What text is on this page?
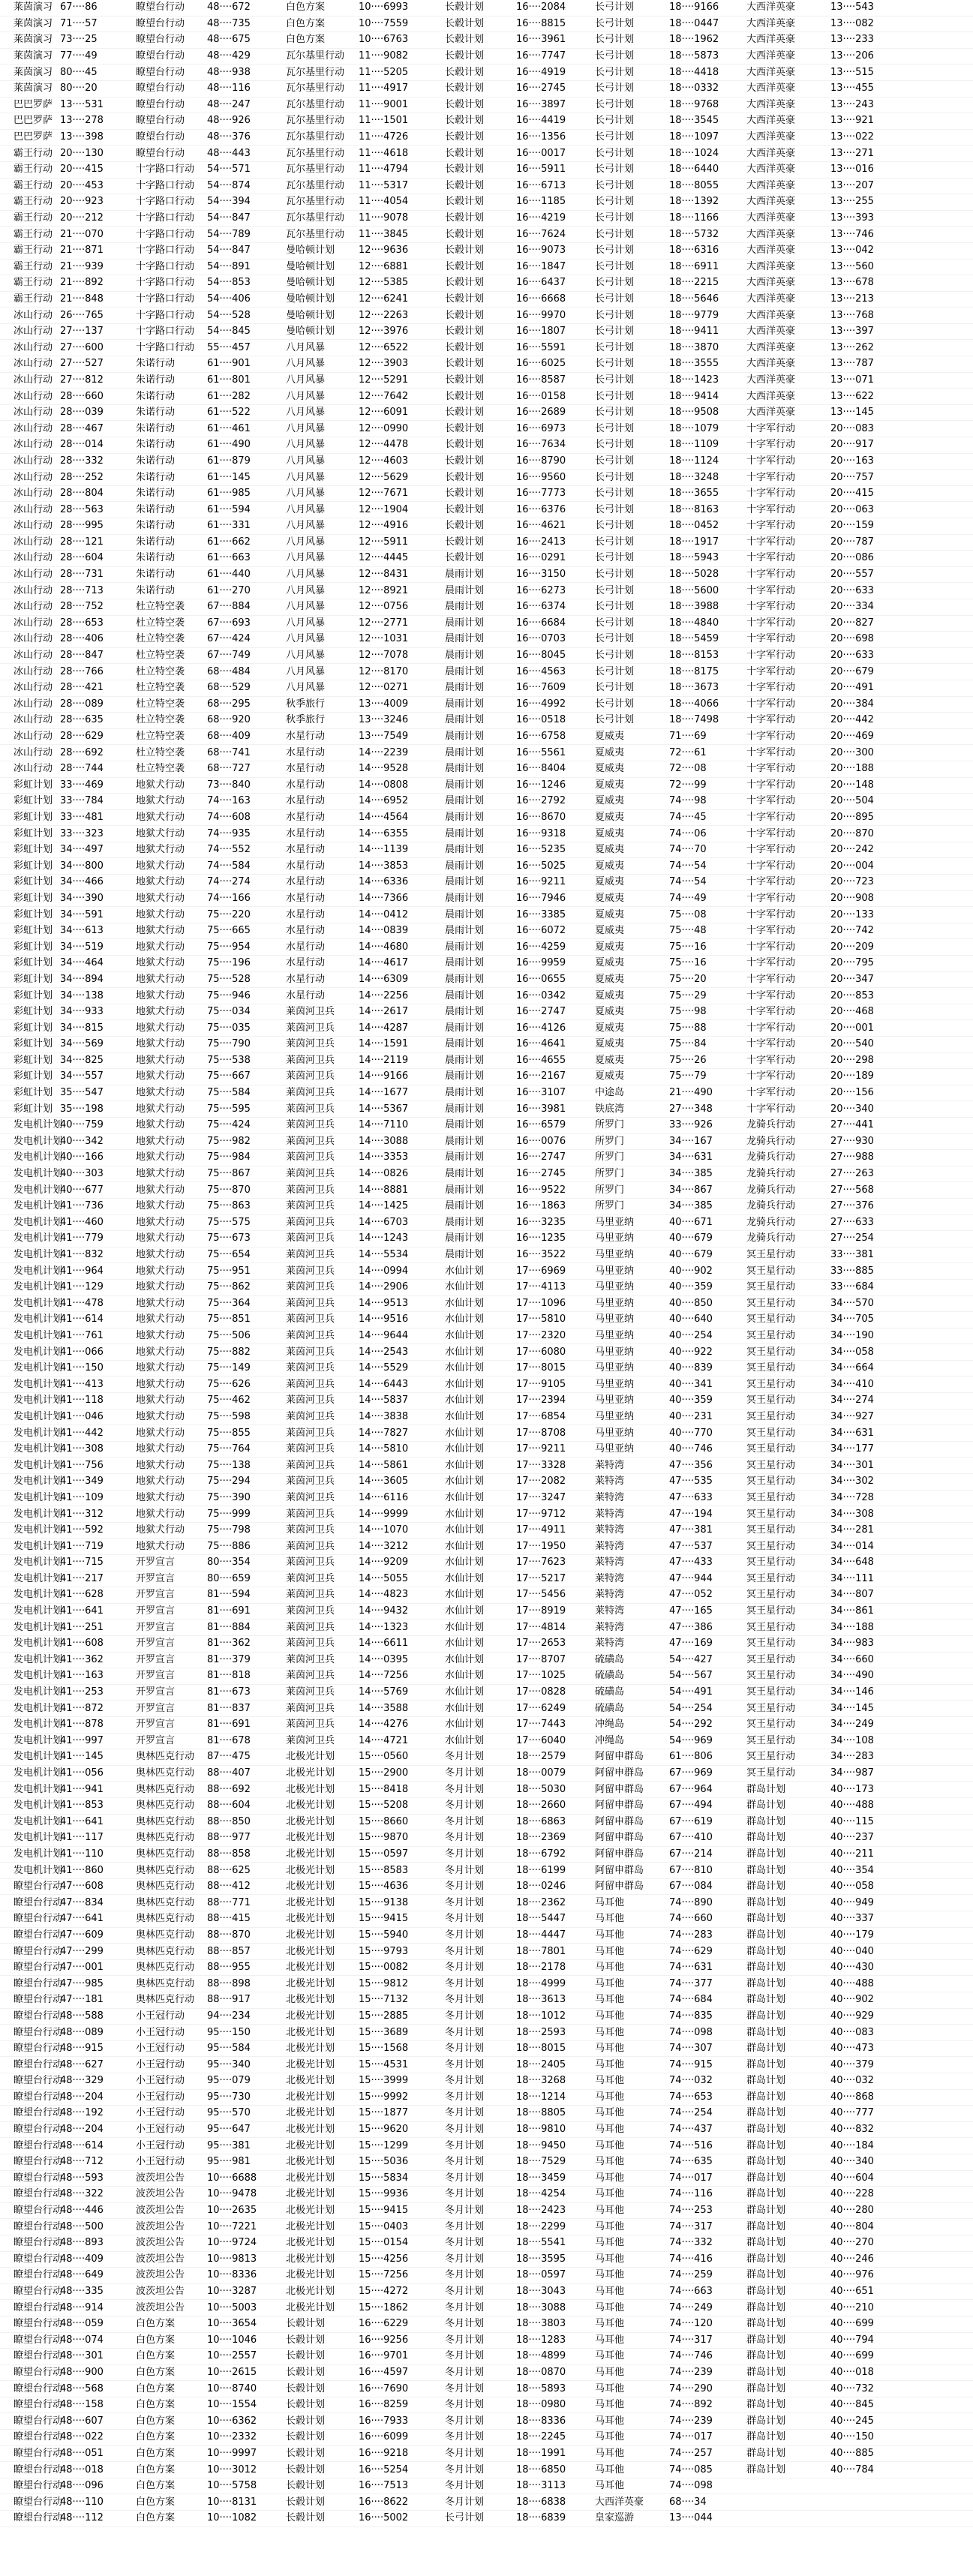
莱茵演习	67····86	瞭望台行动	48····672	白色方案	10····6993	长毂计划	16····2084	长弓计划	18····9166	大西洋英豪	13····543
莱茵演习	71····57	瞭望台行动	48····735	白色方案	10····7559	长毂计划	16····8815	长弓计划	18····0447	大西洋英豪	13····082
莱茵演习	73····25	瞭望台行动	48····675	白色方案	10····6763	长毂计划	16····3961	长弓计划	18····1962	大西洋英豪	13····233
莱茵演习	77····49	瞭望台行动	48····429	瓦尔基里行动	11····9082	长毂计划	16····7747	长弓计划	18····5873	大西洋英豪	13····206
莱茵演习	80····45	瞭望台行动	48····938	瓦尔基里行动	11····5205	长毂计划	16····4919	长弓计划	18····4418	大西洋英豪	13····515
莱茵演习	80····20	瞭望台行动	48····116	瓦尔基里行动	11····4917	长毂计划	16····2745	长弓计划	18····0332	大西洋英豪	13····455
巴巴罗萨	13····531	瞭望台行动	48····247	瓦尔基里行动	11····9001	长毂计划	16····3897	长弓计划	18····9768	大西洋英豪	13····243
巴巴罗萨	13····278	瞭望台行动	48····926	瓦尔基里行动	11····1501	长毂计划	16····4419	长弓计划	18····3545	大西洋英豪	13····921
巴巴罗萨	13····398	瞭望台行动	48····376	瓦尔基里行动	11····4726	长毂计划	16····1356	长弓计划	18····1097	大西洋英豪	13····022
霸王行动	20····130	瞭望台行动	48····443	瓦尔基里行动	11····4618	长毂计划	16····0017	长弓计划	18····1024	大西洋英豪	13····271
霸王行动	20····415	十字路口行动	54····571	瓦尔基里行动	11····4794	长毂计划	16····5911	长弓计划	18····6440	大西洋英豪	13····016
霸王行动	20····453	十字路口行动	54····874	瓦尔基里行动	11····5317	长毂计划	16····6713	长弓计划	18····8055	大西洋英豪	13····207
霸王行动	20····923	十字路口行动	54····394	瓦尔基里行动	11····4054	长毂计划	16····1185	长弓计划	18····1392	大西洋英豪	13····255
霸王行动	20····212	十字路口行动	54····847	瓦尔基里行动	11····9078	长毂计划	16····4219	长弓计划	18····1166	大西洋英豪	13····393
霸王行动	21····070	十字路口行动	54····789	瓦尔基里行动	11····3845	长毂计划	16····7624	长弓计划	18····5732	大西洋英豪	13····746
霸王行动	21····871	十字路口行动	54····847	曼哈顿计划	12····9636	长毂计划	16····9073	长弓计划	18····6316	大西洋英豪	13····042
霸王行动	21····939	十字路口行动	54····891	曼哈顿计划	12····6881	长毂计划	16····1847	长弓计划	18····6911	大西洋英豪	13····560
霸王行动	21····892	十字路口行动	54····853	曼哈顿计划	12····5385	长毂计划	16····6437	长弓计划	18····2215	大西洋英豪	13····678
霸王行动	21····848	十字路口行动	54····406	曼哈顿计划	12····6241	长毂计划	16····6668	长弓计划	18····5646	大西洋英豪	13····213
冰山行动	26····765	十字路口行动	54····528	曼哈顿计划	12····2263	长毂计划	16····9970	长弓计划	18····9779	大西洋英豪	13····768
冰山行动	27····137	十字路口行动	54····845	曼哈顿计划	12····3976	长毂计划	16····1807	长弓计划	18····9411	大西洋英豪	13····397
冰山行动	27····600	十字路口行动	55····457	八月风暴	12····6522	长毂计划	16····5591	长弓计划	18····3870	大西洋英豪	13····262
冰山行动	27····527	朱诺行动	61····901	八月风暴	12····3903	长毂计划	16····6025	长弓计划	18····3555	大西洋英豪	13····787
冰山行动	27····812	朱诺行动	61····801	八月风暴	12····5291	长毂计划	16····8587	长弓计划	18····1423	大西洋英豪	13····071
冰山行动	28····660	朱诺行动	61····282	八月风暴	12····7642	长毂计划	16····0158	长弓计划	18····9414	大西洋英豪	13····622
冰山行动	28····039	朱诺行动	61····522	八月风暴	12····6091	长毂计划	16····2689	长弓计划	18····9508	大西洋英豪	13····145
冰山行动	28····467	朱诺行动	61····461	八月风暴	12····0990	长毂计划	16····6973	长弓计划	18····1079	十字军行动	20····083
冰山行动	28····014	朱诺行动	61····490	八月风暴	12····4478	长毂计划	16····7634	长弓计划	18····1109	十字军行动	20····917
冰山行动	28····332	朱诺行动	61····879	八月风暴	12····4603	长毂计划	16····8790	长弓计划	18····1124	十字军行动	20····163
冰山行动	28····252	朱诺行动	61····145	八月风暴	12····5629	长毂计划	16····9560	长弓计划	18····3248	十字军行动	20····757
冰山行动	28····804	朱诺行动	61····985	八月风暴	12····7671	长毂计划	16····7773	长弓计划	18····3655	十字军行动	20····415
冰山行动	28····563	朱诺行动	61····594	八月风暴	12····1904	长毂计划	16····6376	长弓计划	18····8163	十字军行动	20····063
冰山行动	28····995	朱诺行动	61····331	八月风暴	12····4916	长毂计划	16····4621	长弓计划	18····0452	十字军行动	20····159
冰山行动	28····121	朱诺行动	61····662	八月风暴	12····5911	长毂计划	16····2413	长弓计划	18····1917	十字军行动	20····787
冰山行动	28····604	朱诺行动	61····663	八月风暴	12····4445	长毂计划	16····0291	长弓计划	18····5943	十字军行动	20····086
冰山行动	28····731	朱诺行动	61····440	八月风暴	12····8431	晨雨计划	16····3150	长弓计划	18····5028	十字军行动	20····557
冰山行动	28····713	朱诺行动	61····270	八月风暴	12····8921	晨雨计划	16····6273	长弓计划	18····5600	十字军行动	20····633
冰山行动	28····752	杜立特空袭	67····884	八月风暴	12····0756	晨雨计划	16····6374	长弓计划	18····3988	十字军行动	20····334
冰山行动	28····653	杜立特空袭	67····693	八月风暴	12····2771	晨雨计划	16····6684	长弓计划	18····4840	十字军行动	20····827
冰山行动	28····406	杜立特空袭	67····424	八月风暴	12····1031	晨雨计划	16····0703	长弓计划	18····5459	十字军行动	20····698
冰山行动	28····847	杜立特空袭	67····749	八月风暴	12····7078	晨雨计划	16····8045	长弓计划	18····8153	十字军行动	20····633
冰山行动	28····766	杜立特空袭	68····484	八月风暴	12····8170	晨雨计划	16····4563	长弓计划	18····8175	十字军行动	20····679
冰山行动	28····421	杜立特空袭	68····529	八月风暴	12····0271	晨雨计划	16····7609	长弓计划	18····3673	十字军行动	20····491
冰山行动	28····089	杜立特空袭	68····295	秋季旅行	13····4009	晨雨计划	16····4992	长弓计划	18····4066	十字军行动	20····384
冰山行动	28····635	杜立特空袭	68····920	秋季旅行	13····3246	晨雨计划	16····0518	长弓计划	18····7498	十字军行动	20····442
冰山行动	28····629	杜立特空袭	68····409	水星行动	13····7549	晨雨计划	16····6758	夏威夷	71····69	十字军行动	20····469
冰山行动	28····692	杜立特空袭	68····741	水星行动	14····2239	晨雨计划	16····5561	夏威夷	72····61	十字军行动	20····300
冰山行动	28····744	杜立特空袭	68····727	水星行动	14····9528	晨雨计划	16····8404	夏威夷	72····08	十字军行动	20····188
彩虹计划	33····469	地狱犬行动	73····840	水星行动	14····0808	晨雨计划	16····1246	夏威夷	72····99	十字军行动	20····148
彩虹计划	33····784	地狱犬行动	74····163	水星行动	14····6952	晨雨计划	16····2792	夏威夷	74····98	十字军行动	20····504
彩虹计划	33····481	地狱犬行动	74····608	水星行动	14····4564	晨雨计划	16····8670	夏威夷	74····45	十字军行动	20····895
彩虹计划	33····323	地狱犬行动	74····935	水星行动	14····6355	晨雨计划	16····9318	夏威夷	74····06	十字军行动	20····870
彩虹计划	34····497	地狱犬行动	74····552	水星行动	14····1139	晨雨计划	16····5235	夏威夷	74····70	十字军行动	20····242
彩虹计划	34····800	地狱犬行动	74····584	水星行动	14····3853	晨雨计划	16····5025	夏威夷	74····54	十字军行动	20····004
彩虹计划	34····466	地狱犬行动	74····274	水星行动	14····6336	晨雨计划	16····9211	夏威夷	74····54	十字军行动	20····723
彩虹计划	34····390	地狱犬行动	74····166	水星行动	14····7366	晨雨计划	16····7946	夏威夷	74····49	十字军行动	20····908
彩虹计划	34····591	地狱犬行动	75····220	水星行动	14····0412	晨雨计划	16····3385	夏威夷	75····08	十字军行动	20····133
彩虹计划	34····613	地狱犬行动	75····665	水星行动	14····0839	晨雨计划	16····6072	夏威夷	75····48	十字军行动	20····742
彩虹计划	34····519	地狱犬行动	75····954	水星行动	14····4680	晨雨计划	16····4259	夏威夷	75····16	十字军行动	20····209
彩虹计划	34····464	地狱犬行动	75····196	水星行动	14····4617	晨雨计划	16····9959	夏威夷	75····16	十字军行动	20····795
彩虹计划	34····894	地狱犬行动	75····528	水星行动	14····6309	晨雨计划	16····0655	夏威夷	75····20	十字军行动	20····347
彩虹计划	34····138	地狱犬行动	75····946	水星行动	14····2256	晨雨计划	16····0342	夏威夷	75····29	十字军行动	20····853
彩虹计划	34····933	地狱犬行动	75····034	莱茵河卫兵	14····2617	晨雨计划	16····2747	夏威夷	75····98	十字军行动	20····468
彩虹计划	34····815	地狱犬行动	75····035	莱茵河卫兵	14····4287	晨雨计划	16····4126	夏威夷	75····88	十字军行动	20····001
彩虹计划	34····569	地狱犬行动	75····790	莱茵河卫兵	14····1591	晨雨计划	16····4641	夏威夷	75····84	十字军行动	20····540
彩虹计划	34····825	地狱犬行动	75····538	莱茵河卫兵	14····2119	晨雨计划	16····4655	夏威夷	75····26	十字军行动	20····298
彩虹计划	34····557	地狱犬行动	75····667	莱茵河卫兵	14····9166	晨雨计划	16····2167	夏威夷	75····79	十字军行动	20····189
彩虹计划	35····547	地狱犬行动	75····584	莱茵河卫兵	14····1677	晨雨计划	16····3107	中途岛	21····490	十字军行动	20····156
彩虹计划	35····198	地狱犬行动	75····595	莱茵河卫兵	14····5367	晨雨计划	16····3981	铁底湾	27····348	十字军行动	20····340
发电机计划	40····759	地狱犬行动	75····424	莱茵河卫兵	14····7110	晨雨计划	16····6579	所罗门	33····926	龙骑兵行动	27····441
发电机计划	40····342	地狱犬行动	75····982	莱茵河卫兵	14····3088	晨雨计划	16····0076	所罗门	34····167	龙骑兵行动	27····930
发电机计划	40····166	地狱犬行动	75····984	莱茵河卫兵	14····3353	晨雨计划	16····2747	所罗门	34····631	龙骑兵行动	27····988
发电机计划	40····303	地狱犬行动	75····867	莱茵河卫兵	14····0826	晨雨计划	16····2745	所罗门	34····385	龙骑兵行动	27····263
发电机计划	40····677	地狱犬行动	75····870	莱茵河卫兵	14····8881	晨雨计划	16····9522	所罗门	34····867	龙骑兵行动	27····568
发电机计划	41····736	地狱犬行动	75····863	莱茵河卫兵	14····1425	晨雨计划	16····1863	所罗门	34····385	龙骑兵行动	27····376
发电机计划	41····460	地狱犬行动	75····575	莱茵河卫兵	14····6703	晨雨计划	16····3235	马里亚纳	40····671	龙骑兵行动	27····633
发电机计划	41····779	地狱犬行动	75····673	莱茵河卫兵	14····1243	晨雨计划	16····1235	马里亚纳	40····679	龙骑兵行动	27····254
发电机计划	41····832	地狱犬行动	75····654	莱茵河卫兵	14····5534	晨雨计划	16····3522	马里亚纳	40····679	冥王星行动	33····381
发电机计划	41····964	地狱犬行动	75····951	莱茵河卫兵	14····0994	水仙计划	17····6969	马里亚纳	40····902	冥王星行动	33····885
发电机计划	41····129	地狱犬行动	75····862	莱茵河卫兵	14····2906	水仙计划	17····4113	马里亚纳	40····359	冥王星行动	33····684
发电机计划	41····478	地狱犬行动	75····364	莱茵河卫兵	14····9513	水仙计划	17····1096	马里亚纳	40····850	冥王星行动	34····570
发电机计划	41····614	地狱犬行动	75····851	莱茵河卫兵	14····9516	水仙计划	17····5810	马里亚纳	40····640	冥王星行动	34····705
发电机计划	41····761	地狱犬行动	75····506	莱茵河卫兵	14····9644	水仙计划	17····2320	马里亚纳	40····254	冥王星行动	34····190
发电机计划	41····066	地狱犬行动	75····882	莱茵河卫兵	14····2543	水仙计划	17····6080	马里亚纳	40····922	冥王星行动	34····058
发电机计划	41····150	地狱犬行动	75····149	莱茵河卫兵	14····5529	水仙计划	17····8015	马里亚纳	40····839	冥王星行动	34····664
发电机计划	41····413	地狱犬行动	75····626	莱茵河卫兵	14····6443	水仙计划	17····9105	马里亚纳	40····341	冥王星行动	34····410
发电机计划	41····118	地狱犬行动	75····462	莱茵河卫兵	14····5837	水仙计划	17····2394	马里亚纳	40····359	冥王星行动	34····274
发电机计划	41····046	地狱犬行动	75····598	莱茵河卫兵	14····3838	水仙计划	17····6854	马里亚纳	40····231	冥王星行动	34····927
发电机计划	41····442	地狱犬行动	75····855	莱茵河卫兵	14····7827	水仙计划	17····8708	马里亚纳	40····770	冥王星行动	34····631
发电机计划	41····308	地狱犬行动	75····764	莱茵河卫兵	14····5810	水仙计划	17····9211	马里亚纳	40····746	冥王星行动	34····177
发电机计划	41····756	地狱犬行动	75····138	莱茵河卫兵	14····5861	水仙计划	17····3328	莱特湾	47····356	冥王星行动	34····301
发电机计划	41····349	地狱犬行动	75····294	莱茵河卫兵	14····3605	水仙计划	17····2082	莱特湾	47····535	冥王星行动	34····302
发电机计划	41····109	地狱犬行动	75····390	莱茵河卫兵	14····6116	水仙计划	17····3247	莱特湾	47····633	冥王星行动	34····728
发电机计划	41····312	地狱犬行动	75····999	莱茵河卫兵	14····9999	水仙计划	17····9712	莱特湾	47····194	冥王星行动	34····308
发电机计划	41····592	地狱犬行动	75····798	莱茵河卫兵	14····1070	水仙计划	17····4911	莱特湾	47····381	冥王星行动	34····281
发电机计划	41····719	地狱犬行动	75····886	莱茵河卫兵	14····3212	水仙计划	17····1950	莱特湾	47····537	冥王星行动	34····014
发电机计划	41····715	开罗宣言	80····354	莱茵河卫兵	14····9209	水仙计划	17····7623	莱特湾	47····433	冥王星行动	34····648
发电机计划	41····217	开罗宣言	80····659	莱茵河卫兵	14····5055	水仙计划	17····5217	莱特湾	47····944	冥王星行动	34····111
发电机计划	41····628	开罗宣言	81····594	莱茵河卫兵	14····4823	水仙计划	17····5456	莱特湾	47····052	冥王星行动	34····807
发电机计划	41····641	开罗宣言	81····691	莱茵河卫兵	14····9432	水仙计划	17····8919	莱特湾	47····165	冥王星行动	34····861
发电机计划	41····251	开罗宣言	81····884	莱茵河卫兵	14····1323	水仙计划	17····4814	莱特湾	47····386	冥王星行动	34····188
发电机计划	41····608	开罗宣言	81····362	莱茵河卫兵	14····6611	水仙计划	17····2653	莱特湾	47····169	冥王星行动	34····983
发电机计划	41····362	开罗宣言	81····379	莱茵河卫兵	14····0395	水仙计划	17····8707	硫磺岛	54····427	冥王星行动	34····660
发电机计划	41····163	开罗宣言	81····818	莱茵河卫兵	14····7256	水仙计划	17····1025	硫磺岛	54····567	冥王星行动	34····490
发电机计划	41····253	开罗宣言	81····673	莱茵河卫兵	14····5769	水仙计划	17····0828	硫磺岛	54····491	冥王星行动	34····146
发电机计划	41····872	开罗宣言	81····837	莱茵河卫兵	14····3588	水仙计划	17····6249	硫磺岛	54····254	冥王星行动	34····145
发电机计划	41····878	开罗宣言	81····691	莱茵河卫兵	14····4276	水仙计划	17····7443	冲绳岛	54····292	冥王星行动	34····249
发电机计划	41····997	开罗宣言	81····678	莱茵河卫兵	14····4721	水仙计划	17····6040	冲绳岛	54····969	冥王星行动	34····108
发电机计划	41····145	奥林匹克行动	87····475	北极光计划	15····0560	冬月计划	18····2579	阿留申群岛	61····806	冥王星行动	34····283
发电机计划	41····056	奥林匹克行动	88····407	北极光计划	15····2900	冬月计划	18····0079	阿留申群岛	67····969	冥王星行动	34····987
发电机计划	41····941	奥林匹克行动	88····692	北极光计划	15····8418	冬月计划	18····5030	阿留申群岛	67····964	群岛计划	40····173
发电机计划	41····853	奥林匹克行动	88····604	北极光计划	15····5208	冬月计划	18····2660	阿留申群岛	67····494	群岛计划	40····488
发电机计划	41····641	奥林匹克行动	88····850	北极光计划	15····8660	冬月计划	18····6863	阿留申群岛	67····619	群岛计划	40····115
发电机计划	41····117	奥林匹克行动	88····977	北极光计划	15····9870	冬月计划	18····2369	阿留申群岛	67····410	群岛计划	40····237
发电机计划	41····110	奥林匹克行动	88····858	北极光计划	15····0597	冬月计划	18····6792	阿留申群岛	67····214	群岛计划	40····211
发电机计划	41····860	奥林匹克行动	88····625	北极光计划	15····8583	冬月计划	18····6199	阿留申群岛	67····810	群岛计划	40····354
瞭望台行动	47····608	奥林匹克行动	88····412	北极光计划	15····4636	冬月计划	18····0246	阿留申群岛	67····084	群岛计划	40····058
瞭望台行动	47····834	奥林匹克行动	88····771	北极光计划	15····9138	冬月计划	18····2362	马耳他	74····890	群岛计划	40····949
瞭望台行动	47····641	奥林匹克行动	88····415	北极光计划	15····9415	冬月计划	18····5447	马耳他	74····660	群岛计划	40····337
瞭望台行动	47····609	奥林匹克行动	88····870	北极光计划	15····5940	冬月计划	18····4447	马耳他	74····283	群岛计划	40····179
瞭望台行动	47····299	奥林匹克行动	88····857	北极光计划	15····9793	冬月计划	18····7801	马耳他	74····629	群岛计划	40····040
瞭望台行动	47····001	奥林匹克行动	88····955	北极光计划	15····0082	冬月计划	18····2178	马耳他	74····631	群岛计划	40····430
瞭望台行动	47····985	奥林匹克行动	88····898	北极光计划	15····9812	冬月计划	18····4999	马耳他	74····377	群岛计划	40····488
瞭望台行动	47····181	奥林匹克行动	88····917	北极光计划	15····7132	冬月计划	18····3613	马耳他	74····684	群岛计划	40····902
瞭望台行动	48····588	小王冠行动	94····234	北极光计划	15····2885	冬月计划	18····1012	马耳他	74····835	群岛计划	40····929
瞭望台行动	48····089	小王冠行动	95····150	北极光计划	15····3689	冬月计划	18····2593	马耳他	74····098	群岛计划	40····083
瞭望台行动	48····915	小王冠行动	95····584	北极光计划	15····1568	冬月计划	18····8015	马耳他	74····307	群岛计划	40····473
瞭望台行动	48····627	小王冠行动	95····340	北极光计划	15····4531	冬月计划	18····2405	马耳他	74····915	群岛计划	40····379
瞭望台行动	48····329	小王冠行动	95····079	北极光计划	15····3999	冬月计划	18····3268	马耳他	74····032	群岛计划	40····032
瞭望台行动	48····204	小王冠行动	95····730	北极光计划	15····9992	冬月计划	18····1214	马耳他	74····653	群岛计划	40····868
瞭望台行动	48····192	小王冠行动	95····570	北极光计划	15····1877	冬月计划	18····8805	马耳他	74····254	群岛计划	40····777
瞭望台行动	48····204	小王冠行动	95····647	北极光计划	15····9620	冬月计划	18····9810	马耳他	74····437	群岛计划	40····832
瞭望台行动	48····614	小王冠行动	95····381	北极光计划	15····1299	冬月计划	18····9450	马耳他	74····516	群岛计划	40····184
瞭望台行动	48····712	小王冠行动	95····981	北极光计划	15····5036	冬月计划	18····7529	马耳他	74····635	群岛计划	40····340
瞭望台行动	48····593	波茨坦公告	10····6688	北极光计划	15····5834	冬月计划	18····3459	马耳他	74····017	群岛计划	40····604
瞭望台行动	48····322	波茨坦公告	10····9478	北极光计划	15····9936	冬月计划	18····4254	马耳他	74····116	群岛计划	40····228
瞭望台行动	48····446	波茨坦公告	10····2635	北极光计划	15····9415	冬月计划	18····2423	马耳他	74····253	群岛计划	40····280
瞭望台行动	48····500	波茨坦公告	10····7221	北极光计划	15····0403	冬月计划	18····2299	马耳他	74····317	群岛计划	40····804
瞭望台行动	48····893	波茨坦公告	10····9724	北极光计划	15····0154	冬月计划	18····5541	马耳他	74····332	群岛计划	40····270
瞭望台行动	48····409	波茨坦公告	10····9813	北极光计划	15····4256	冬月计划	18····3595	马耳他	74····416	群岛计划	40····246
瞭望台行动	48····649	波茨坦公告	10····8336	北极光计划	15····7256	冬月计划	18····0597	马耳他	74····259	群岛计划	40····976
瞭望台行动	48····335	波茨坦公告	10····3287	北极光计划	15····4272	冬月计划	18····3043	马耳他	74····663	群岛计划	40····651
瞭望台行动	48····914	波茨坦公告	10····5003	北极光计划	15····1862	冬月计划	18····3088	马耳他	74····249	群岛计划	40····210
瞭望台行动	48····059	白色方案	10····3654	长毂计划	16····6229	冬月计划	18····3803	马耳他	74····120	群岛计划	40····699
瞭望台行动	48····074	白色方案	10····1046	长毂计划	16····9256	冬月计划	18····1283	马耳他	74····317	群岛计划	40····794
瞭望台行动	48····301	白色方案	10····2557	长毂计划	16····9701	冬月计划	18····4899	马耳他	74····746	群岛计划	40····699
瞭望台行动	48····900	白色方案	10····2615	长毂计划	16····4597	冬月计划	18····0870	马耳他	74····239	群岛计划	40····018
瞭望台行动	48····568	白色方案	10····8740	长毂计划	16····7690	冬月计划	18····5893	马耳他	74····290	群岛计划	40····732
瞭望台行动	48····158	白色方案	10····1554	长毂计划	16····8259	冬月计划	18····0980	马耳他	74····892	群岛计划	40····845
瞭望台行动	48····607	白色方案	10····6362	长毂计划	16····7933	冬月计划	18····8336	马耳他	74····239	群岛计划	40····245
瞭望台行动	48····022	白色方案	10····2332	长毂计划	16····6099	冬月计划	18····2245	马耳他	74····017	群岛计划	40····150
瞭望台行动	48····051	白色方案	10····9997	长毂计划	16····9218	冬月计划	18····1991	马耳他	74····257	群岛计划	40····885
瞭望台行动	48····018	白色方案	10····3012	长毂计划	16····5254	冬月计划	18····6850	马耳他	74····085	群岛计划	40····784
瞭望台行动	48····096	白色方案	10····5758	长毂计划	16····7513	冬月计划	18····3113	马耳他	74····098		
瞭望台行动	48····110	白色方案	10····8131	长毂计划	16····8622	冬月计划	18····6838	大西洋英豪	68····34		
瞭望台行动	48····112	白色方案	10····1082	长毂计划	16····5002	长弓计划	18····6839	皇家巡游	13····044		
